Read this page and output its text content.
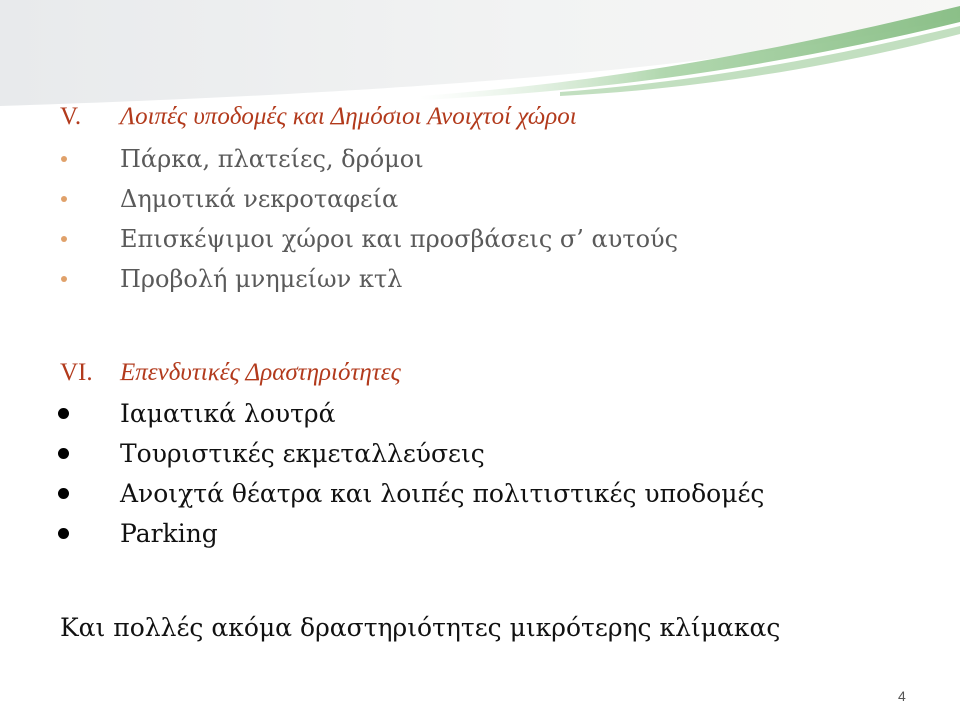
V.	Λοιπές υποδομές και Δημόσιοι Ανοιχτοί χώροι
Πάρκα, πλατείες, δρόμοι
Δημοτικά νεκροταφεία
Επισκέψιμοι χώροι και προσβάσεις σ’ αυτούς
Προβολή μνημείων κτλ
VI.	Επενδυτικές Δραστηριότητες
Ιαματικά λουτρά
Τουριστικές εκμεταλλεύσεις
Ανοιχτά θέατρα και λοιπές πολιτιστικές υποδομές
Parking
Και πολλές ακόμα δραστηριότητες μικρότερης κλίμακας
4
